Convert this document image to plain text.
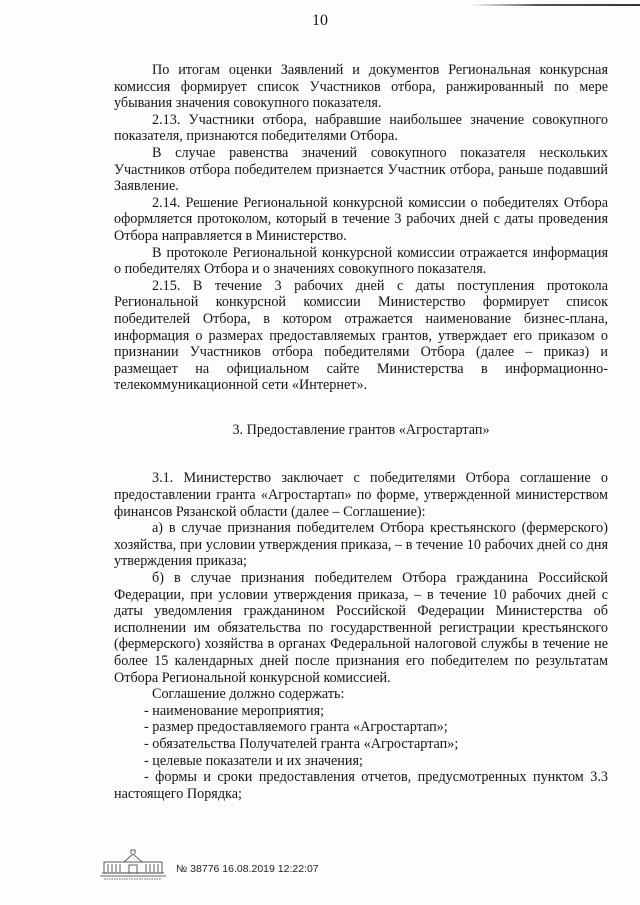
10

По итогам оценки Заявлений и документов Региональная конкурсная комиссия формирует список Участников отбора, ранжированный по мере убывания значения совокупного показателя.

2.13. Участники отбора, набравшие наибольшее значение совокупного показателя, признаются победителями Отбора.

В случае равенства значений совокупного показателя нескольких Участников отбора победителем признается Участник отбора, раньше подавший Заявление.

2.14. Решение Региональной конкурсной комиссии о победителях Отбора оформляется протоколом, который в течение 3 рабочих дней с даты проведения Отбора направляется в Министерство.

В протоколе Региональной конкурсной комиссии отражается информация о победителях Отбора и о значениях совокупного показателя.

2.15. В течение 3 рабочих дней с даты поступления протокола Региональной конкурсной комиссии Министерство формирует список победителей Отбора, в котором отражается наименование бизнес-плана, информация о размерах предоставляемых грантов, утверждает его приказом о признании Участников отбора победителями Отбора (далее – приказ) и размещает на официальном сайте Министерства в информационно-телекоммуникационной сети «Интернет».

3. Предоставление грантов «Агростартап»

3.1. Министерство заключает с победителями Отбора соглашение о предоставлении гранта «Агростартап» по форме, утвержденной министерством финансов Рязанской области (далее – Соглашение):

а) в случае признания победителем Отбора крестьянского (фермерского) хозяйства, при условии утверждения приказа, – в течение 10 рабочих дней со дня утверждения приказа;

б) в случае признания победителем Отбора гражданина Российской Федерации, при условии утверждения приказа, – в течение 10 рабочих дней с даты уведомления гражданином Российской Федерации Министерства об исполнении им обязательства по государственной регистрации крестьянского (фермерского) хозяйства в органах Федеральной налоговой службы в течение не более 15 календарных дней после признания его победителем по результатам Отбора Региональной конкурсной комиссией.

Соглашение должно содержать:

- наименование мероприятия;

- размер предоставляемого гранта «Агростартап»;

- обязательства Получателей гранта «Агростартап»;

- целевые показатели и их значения;

- формы и сроки предоставления отчетов, предусмотренных пунктом 3.3 настоящего Порядка;

№ 38776 16.08.2019 12:22:07
